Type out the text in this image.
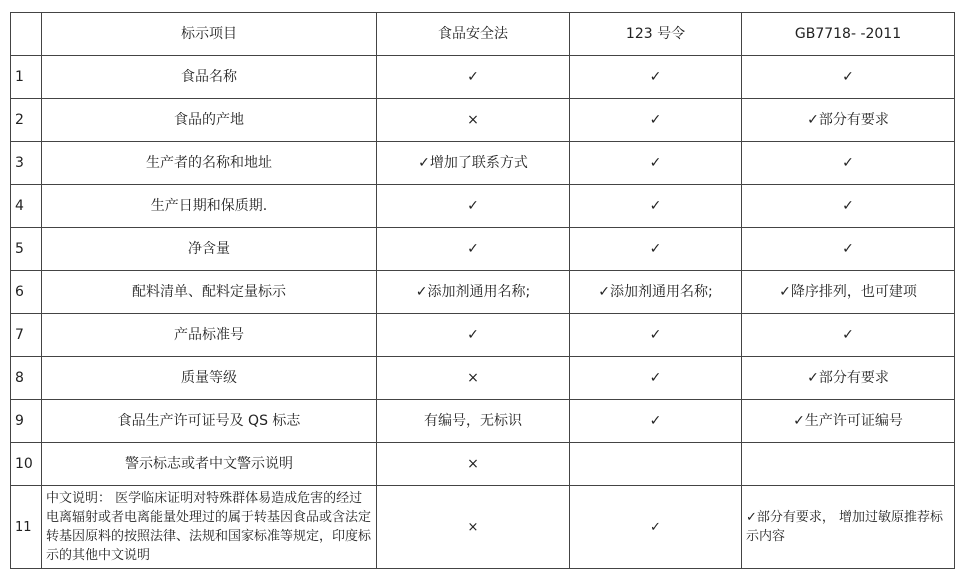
	标示项目	食品安全法	123 号令	GB7718- -2011
1	食品名称	✓	✓	✓
2	食品的产地	×	✓	✓部分有要求
3	生产者的名称和地址	✓增加了联系方式	✓	✓
4	生产日期和保质期.	✓	✓	✓
5	净含量	✓	✓	✓
6	配料清单、配料定量标示	✓添加剂通用名称;	✓添加剂通用名称;	✓降序排列，也可建项
7	产品标准号	✓	✓	✓
8	质量等级	×	✓	✓部分有要求
9	食品生产许可证号及 QS 标志	有编号，无标识	✓	✓生产许可证编号
10	警示标志或者中文警示说明	×		
11	中文说明： 医学临床证明对特殊群体易造成危害的经过电离辐射或者电离能量处理过的属于转基因食品或含法定转基因原料的按照法律、法规和国家标准等规定，印度标示的其他中文说明	×	✓	✓部分有要求， 增加过敏原推荐标示内容
